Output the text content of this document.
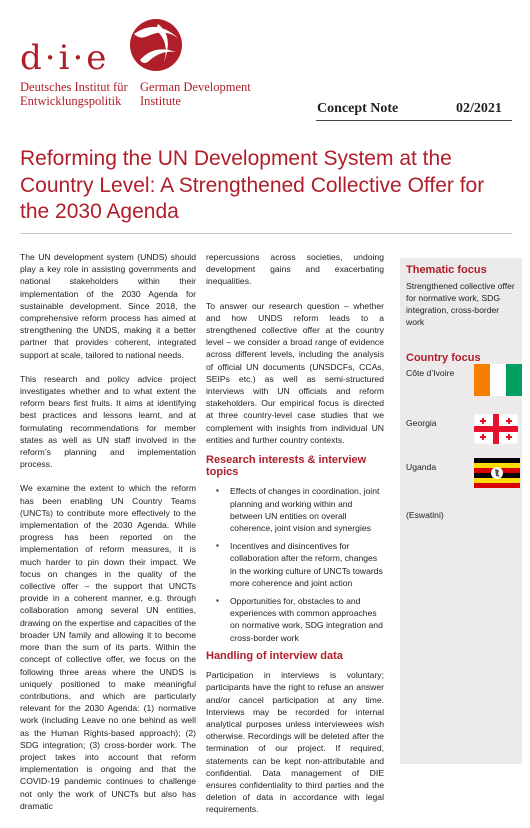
d·i·e
Deutsches Institut für Entwicklungspolitik
German Development Institute	Concept Note	02/2021
Reforming the UN Development System at the Country Level: A Strengthened Collective Offer for the 2030 Agenda

The UN development system (UNDS) should play a key role in assisting governments and national stakeholders within their implementation of the 2030 Agenda for sustainable development. Since 2018, the comprehensive reform process has aimed at strengthening the UNDS, making it a better partner that provides coherent, integrated support at scale, tailored to national needs.

This research and policy advice project investigates whether and to what extent the reform bears first fruits. It aims at identifying best practices and lessons learnt, and at formulating recommendations for member states as well as UN staff involved in the reform’s planning and implementation process.

We examine the extent to which the reform has been enabling UN Country Teams (UNCTs) to contribute more effectively to the implementation of the 2030 Agenda. While progress has been reported on the implementation of reform measures, it is much harder to pin down their impact. We focus on changes in the quality of the collective offer – the support that UNCTs provide in a coherent manner, e.g. through collaboration among several UN entities, drawing on the expertise and capacities of the broader UN family and allowing it to become more than the sum of its parts. Within the concept of collective offer, we focus on the following three areas where the UNDS is uniquely positioned to make meaningful contributions, and which are particularly relevant for the 2030 Agenda: (1) normative work (including Leave no one behind as well as the Human Rights-based approach); (2) SDG integration; (3) cross-border work. The project takes into account that reform implementation is ongoing and that the COVID-19 pandemic continues to challenge not only the work of UNCTs but also has dramatic

repercussions across societies, undoing development gains and exacerbating inequalities.

To answer our research question – whether and how UNDS reform leads to a strengthened collective offer at the country level – we consider a broad range of evidence across different levels, including the analysis of official UN documents (UNSDCFs, CCAs, SEIPs etc.) as well as semi-structured interviews with UN officials and reform stakeholders. Our empirical focus is directed at three country-level case studies that we complement with insights from individual UN entities and further country contexts.

Research interests & interview topics
▪ Effects of changes in coordination, joint planning and working within and between UN entities on overall coherence, joint vision and synergies
▪ Incentives and disincentives for collaboration after the reform, changes in the working culture of UNCTs towards more coherence and joint action
▪ Opportunities for, obstacles to and experiences with common approaches on normative work, SDG integration and cross-border work
Handling of interview data

Participation in interviews is voluntary; participants have the right to refuse an answer and/or cancel participation at any time. Interviews may be recorded for internal analytical purposes unless interviewees wish otherwise. Recordings will be deleted after the termination of our project. If required, statements can be kept non-attributable and confidential. Data management of DIE ensures confidentiality to third parties and the deletion of data in accordance with legal requirements.

Thematic focus
Strengthened collective offer for normative work, SDG integration, cross-border work
Country focus
Côte d’Ivoire
Georgia
Uganda
(Eswatini)
